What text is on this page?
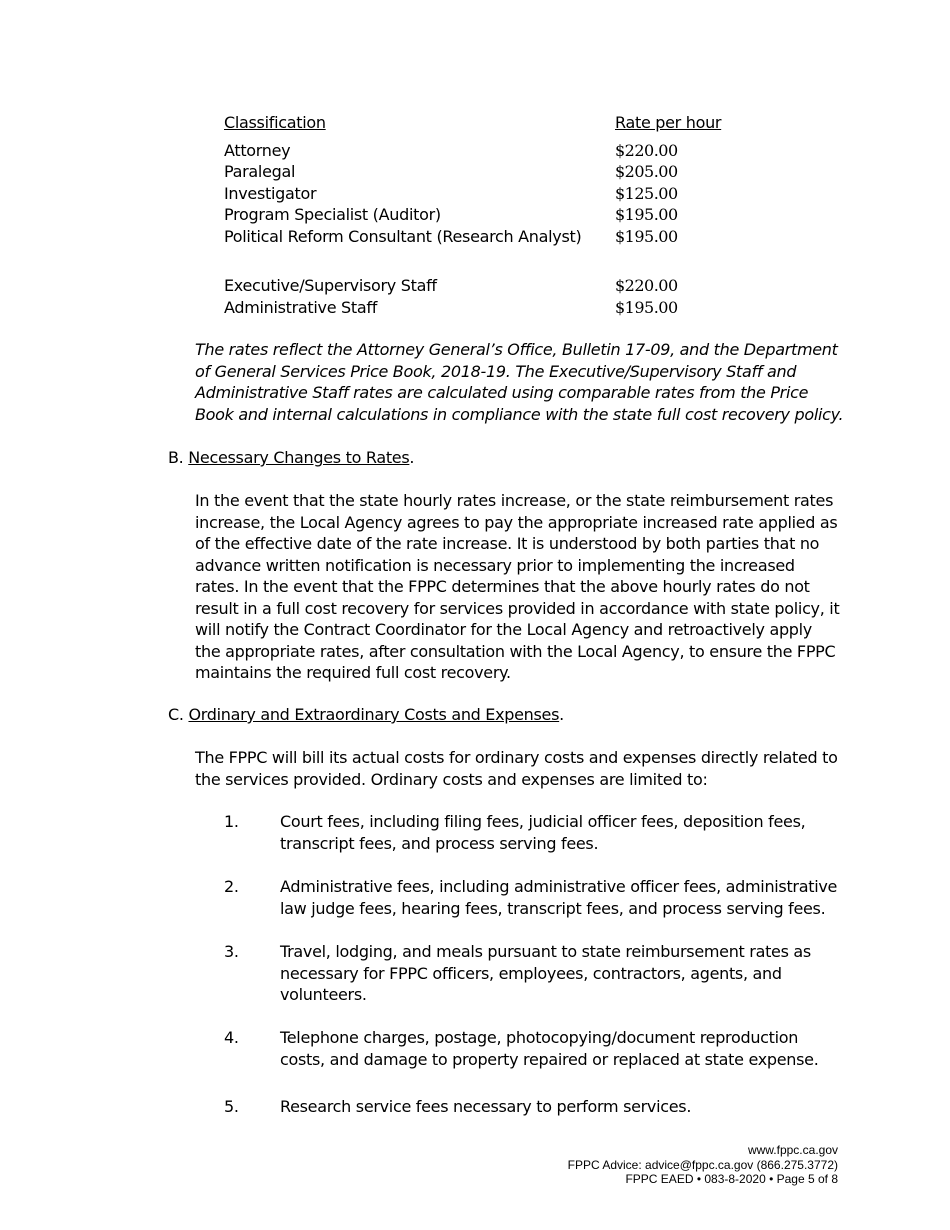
Classification	Rate per hour
Attorney	$220.00
Paralegal	$205.00
Investigator	$125.00
Program Specialist (Auditor)	$195.00
Political Reform Consultant (Research Analyst)	$195.00
Executive/Supervisory Staff	$220.00
Administrative Staff	$195.00
The rates reflect the Attorney General’s Office, Bulletin 17-09, and the Department of General Services Price Book, 2018-19. The Executive/Supervisory Staff and Administrative Staff rates are calculated using comparable rates from the Price Book and internal calculations in compliance with the state full cost recovery policy.
B. Necessary Changes to Rates.
In the event that the state hourly rates increase, or the state reimbursement rates increase, the Local Agency agrees to pay the appropriate increased rate applied as of the effective date of the rate increase. It is understood by both parties that no advance written notification is necessary prior to implementing the increased rates. In the event that the FPPC determines that the above hourly rates do not result in a full cost recovery for services provided in accordance with state policy, it will notify the Contract Coordinator for the Local Agency and retroactively apply the appropriate rates, after consultation with the Local Agency, to ensure the FPPC maintains the required full cost recovery.
C. Ordinary and Extraordinary Costs and Expenses.
The FPPC will bill its actual costs for ordinary costs and expenses directly related to the services provided. Ordinary costs and expenses are limited to:
1.	Court fees, including filing fees, judicial officer fees, deposition fees, transcript fees, and process serving fees.
2.	Administrative fees, including administrative officer fees, administrative law judge fees, hearing fees, transcript fees, and process serving fees.
3.	Travel, lodging, and meals pursuant to state reimbursement rates as necessary for FPPC officers, employees, contractors, agents, and volunteers.
4.	Telephone charges, postage, photocopying/document reproduction costs, and damage to property repaired or replaced at state expense.
5.	Research service fees necessary to perform services.
www.fppc.ca.gov
FPPC Advice: advice@fppc.ca.gov (866.275.3772)
FPPC EAED • 083-8-2020 • Page 5 of 8
